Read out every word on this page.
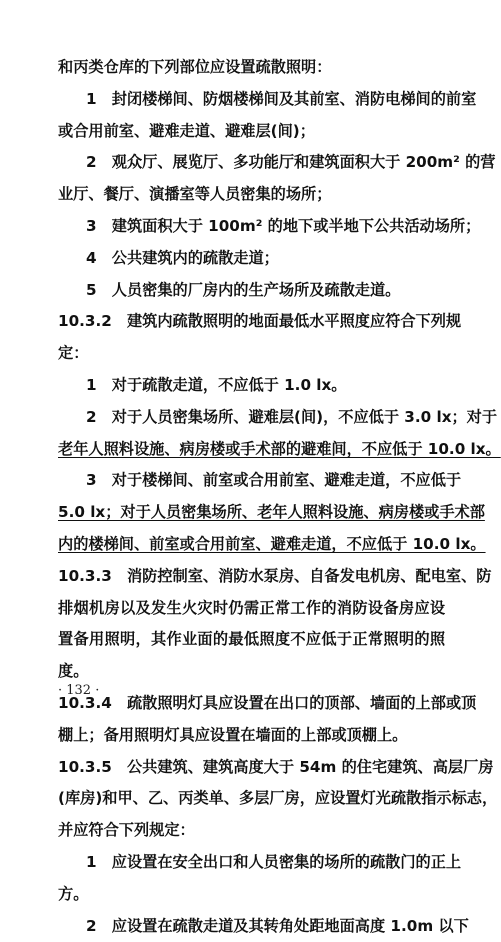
和丙类仓库的下列部位应设置疏散照明：
1　封闭楼梯间、防烟楼梯间及其前室、消防电梯间的前室
或合用前室、避难走道、避难层(间)；
2　观众厅、展览厅、多功能厅和建筑面积大于 200m² 的营
业厅、餐厅、演播室等人员密集的场所；
3　建筑面积大于 100m² 的地下或半地下公共活动场所；
4　公共建筑内的疏散走道；
5　人员密集的厂房内的生产场所及疏散走道。
10.3.2　建筑内疏散照明的地面最低水平照度应符合下列规
定：
1　对于疏散走道，不应低于 1.0 lx。
2　对于人员密集场所、避难层(间)，不应低于 3.0 lx；对于
老年人照料设施、病房楼或手术部的避难间，不应低于 10.0 lx。
3　对于楼梯间、前室或合用前室、避难走道，不应低于
5.0 lx；对于人员密集场所、老年人照料设施、病房楼或手术部
内的楼梯间、前室或合用前室、避难走道，不应低于 10.0 lx。
10.3.3　消防控制室、消防水泵房、自备发电机房、配电室、防
排烟机房以及发生火灾时仍需正常工作的消防设备房应设
置备用照明，其作业面的最低照度不应低于正常照明的照
度。
10.3.4　疏散照明灯具应设置在出口的顶部、墙面的上部或顶
棚上；备用照明灯具应设置在墙面的上部或顶棚上。
10.3.5　公共建筑、建筑高度大于 54m 的住宅建筑、高层厂房
(库房)和甲、乙、丙类单、多层厂房，应设置灯光疏散指示标志，
并应符合下列规定：
1　应设置在安全出口和人员密集的场所的疏散门的正上
方。
2　应设置在疏散走道及其转角处距地面高度 1.0m 以下
· 132 ·
